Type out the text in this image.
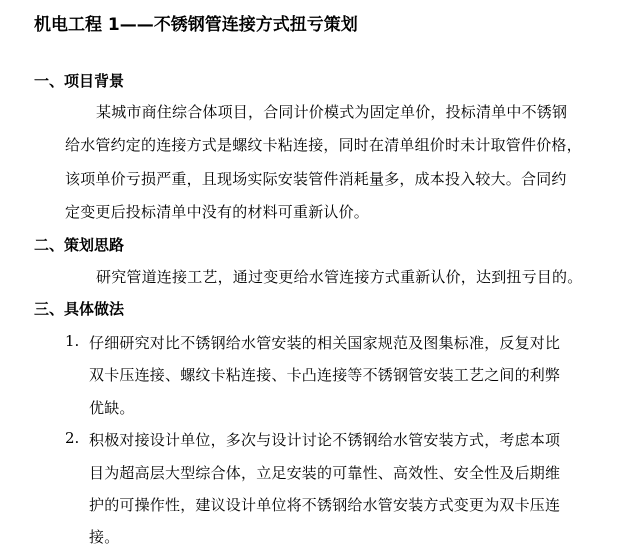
机电工程 1——不锈钢管连接方式扭亏策划
一、项目背景
某城市商住综合体项目，合同计价模式为固定单价，投标清单中不锈钢
给水管约定的连接方式是螺纹卡粘连接，同时在清单组价时未计取管件价格，
该项单价亏损严重，且现场实际安装管件消耗量多，成本投入较大。合同约
定变更后投标清单中没有的材料可重新认价。
二、策划思路
研究管道连接工艺，通过变更给水管连接方式重新认价，达到扭亏目的。
三、具体做法
1. 仔细研究对比不锈钢给水管安装的相关国家规范及图集标准，反复对比
双卡压连接、螺纹卡粘连接、卡凸连接等不锈钢管安装工艺之间的利弊
优缺。
2. 积极对接设计单位，多次与设计讨论不锈钢给水管安装方式，考虑本项
目为超高层大型综合体，立足安装的可靠性、高效性、安全性及后期维
护的可操作性，建议设计单位将不锈钢给水管安装方式变更为双卡压连
接。
